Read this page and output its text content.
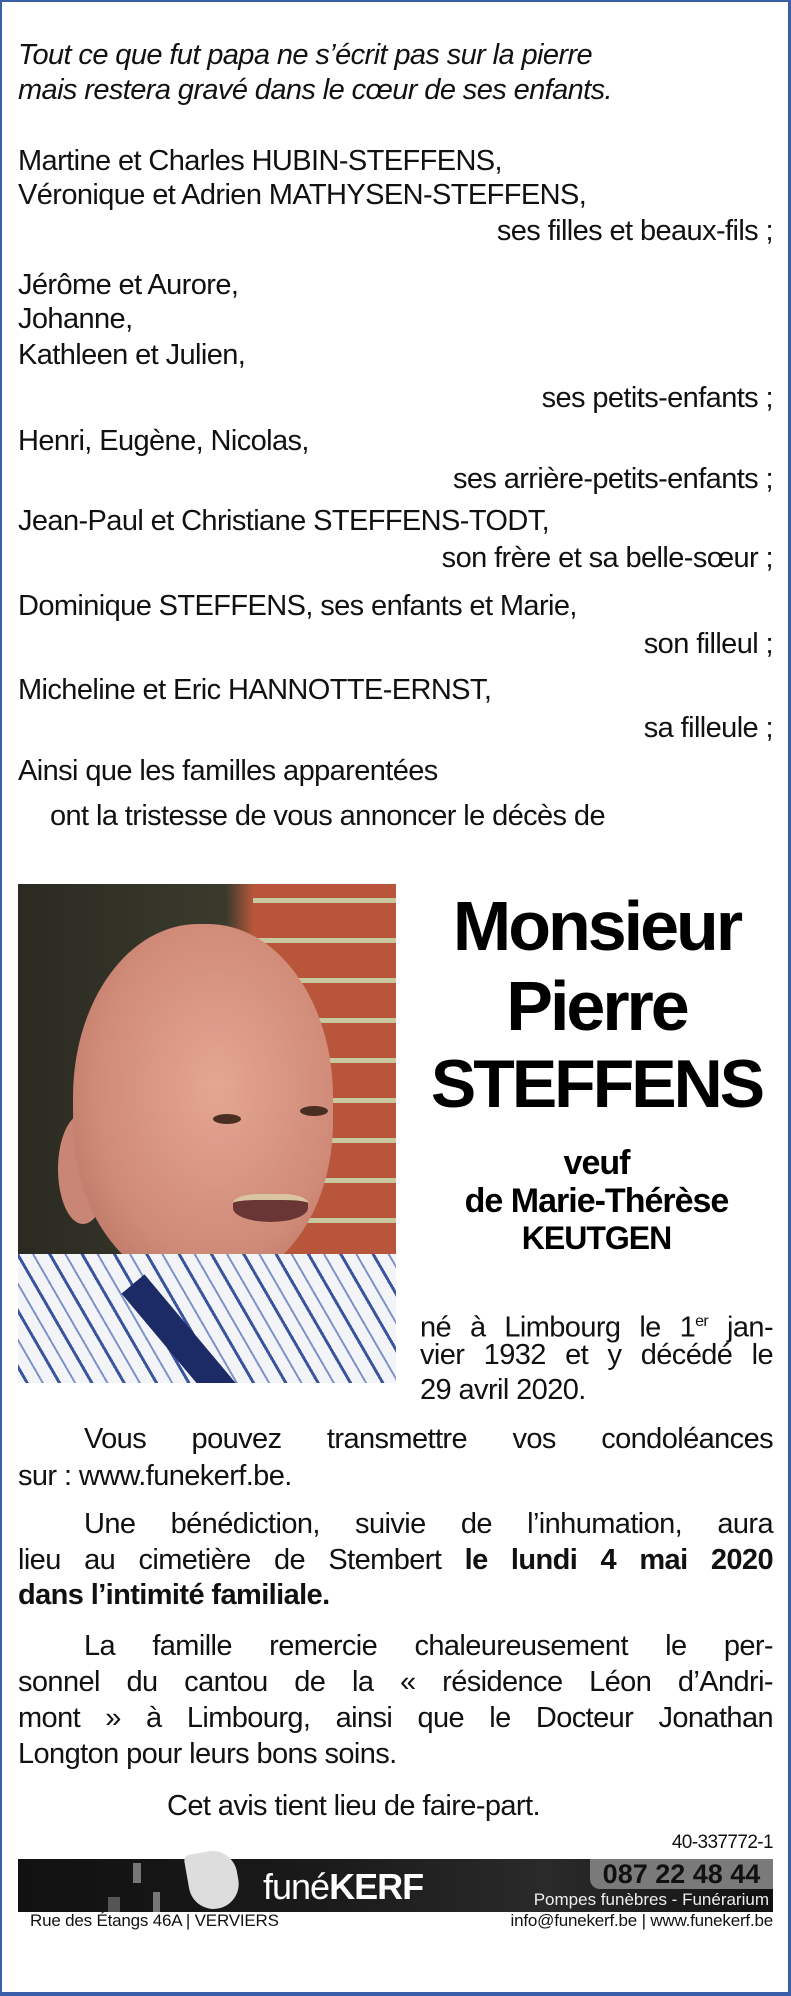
Tout ce que fut papa ne s’écrit pas sur la pierre
mais restera gravé dans le cœur de ses enfants.
Martine et Charles HUBIN-STEFFENS,
Véronique et Adrien MATHYSEN-STEFFENS,
ses filles et beaux-fils ;
Jérôme et Aurore,
Johanne,
Kathleen et Julien,
ses petits-enfants ;
Henri, Eugène, Nicolas,
ses arrière-petits-enfants ;
Jean-Paul et Christiane STEFFENS-TODT,
son frère et sa belle-sœur ;
Dominique STEFFENS, ses enfants et Marie,
son filleul ;
Micheline et Eric HANNOTTE-ERNST,
sa filleule ;
Ainsi que les familles apparentées
ont la tristesse de vous annoncer le décès de
Monsieur
Pierre
STEFFENS
veuf
de Marie-Thérèse
KEUTGEN
né à Limbourg le 1er jan-
vier 1932 et y décédé le
29 avril 2020.
Vous pouvez transmettre vos condoléances
sur : www.funekerf.be.
Une bénédiction, suivie de l’inhumation, aura
lieu au cimetière de Stembert le lundi 4 mai 2020
dans l’intimité familiale.
La famille remercie chaleureusement le per-
sonnel du cantou de la « résidence Léon d’Andri-
mont » à Limbourg, ainsi que le Docteur Jonathan
Longton pour leurs bons soins.
Cet avis tient lieu de faire-part.
40-337772-1
funéKERF	087 22 48 44
Pompes funèbres - Funérarium
Rue des Étangs 46A | VERVIERS	info@funekerf.be | www.funekerf.be
